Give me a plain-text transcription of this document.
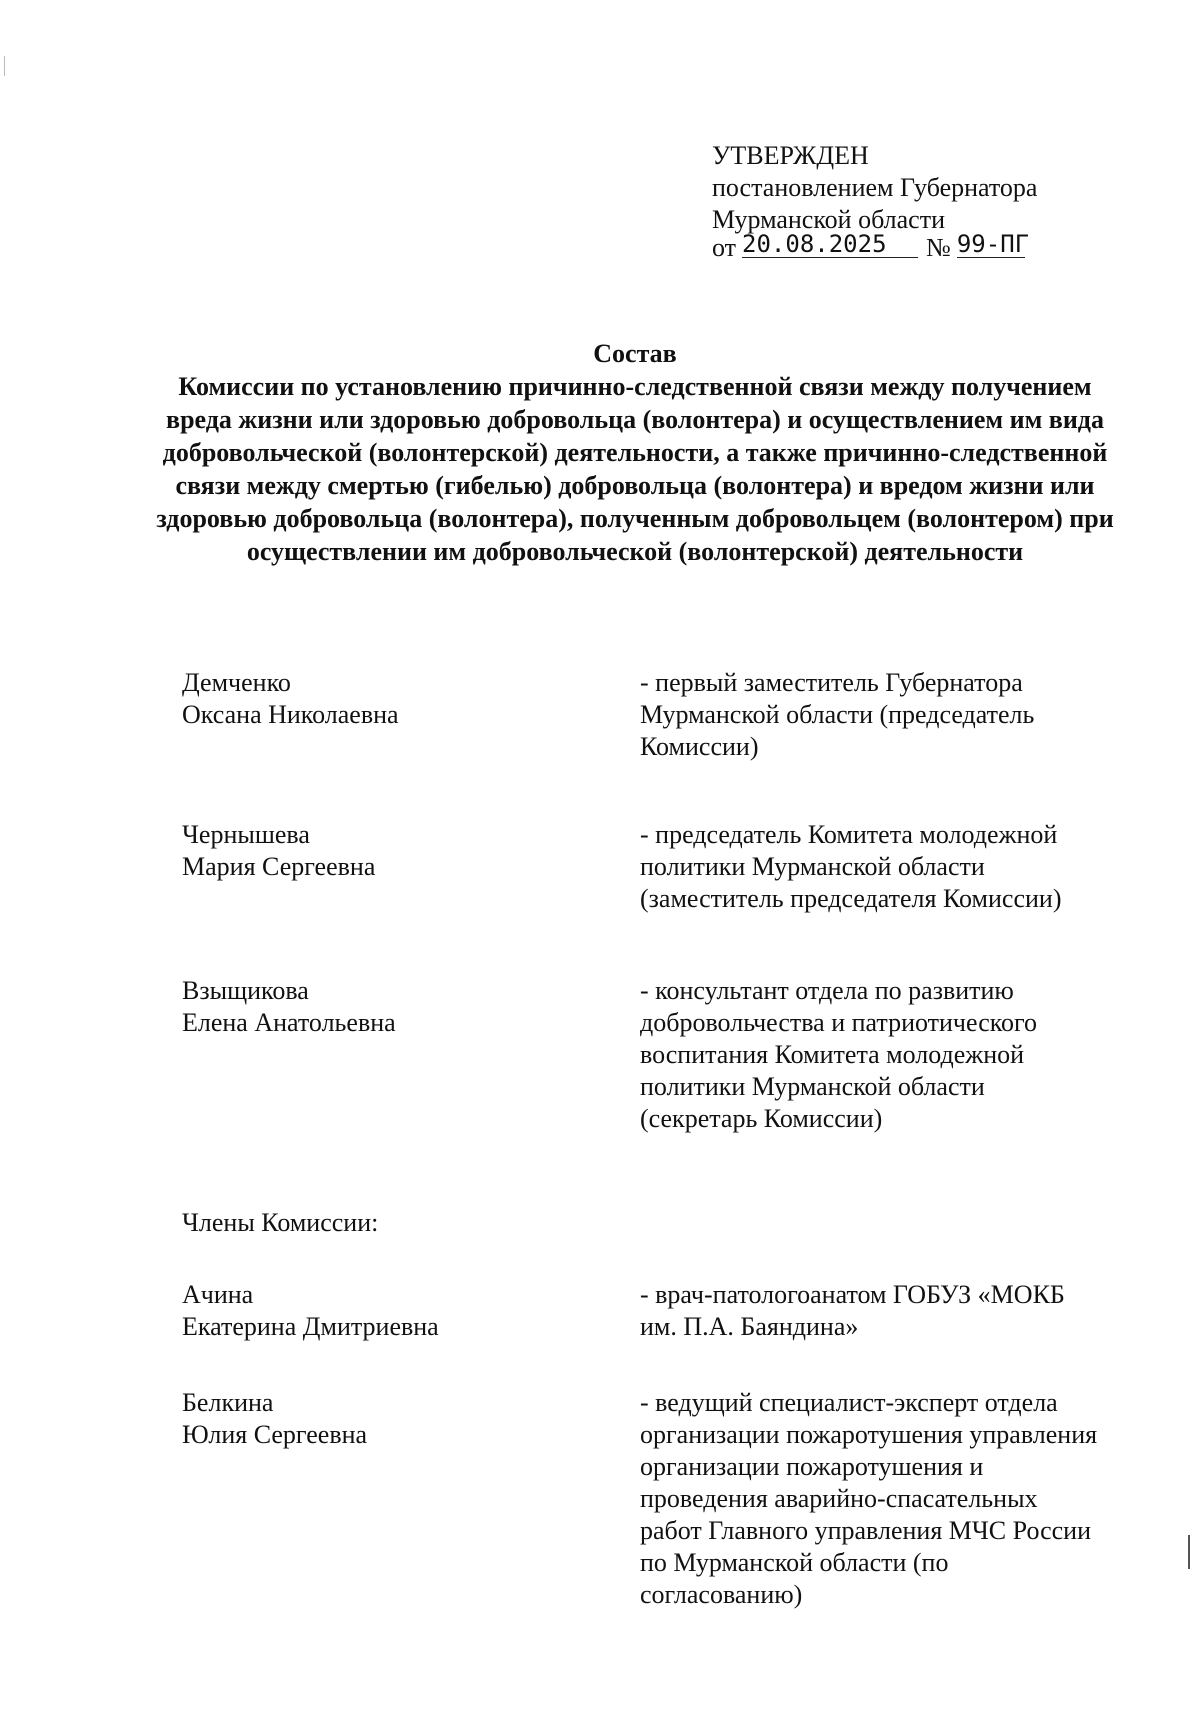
УТВЕРЖДЕН
постановлением Губернатора
Мурманской области
от 20.08.2025 № 99-ПГ
Состав
Комиссии по установлению причинно-следственной связи между получением вреда жизни или здоровью добровольца (волонтера) и осуществлением им вида добровольческой (волонтерской) деятельности, а также причинно-следственной связи между смертью (гибелью) добровольца (волонтера) и вредом жизни или здоровью добровольца (волонтера), полученным добровольцем (волонтером) при осуществлении им добровольческой (волонтерской) деятельности
Демченко
Оксана Николаевна
- первый заместитель Губернатора Мурманской области (председатель Комиссии)
Чернышева
Мария Сергеевна
- председатель Комитета молодежной политики Мурманской области (заместитель председателя Комиссии)
Взыщикова
Елена Анатольевна
- консультант отдела по развитию добровольчества и патриотического воспитания Комитета молодежной политики Мурманской области (секретарь Комиссии)
Члены Комиссии:
Ачина
Екатерина Дмитриевна
- врач-патологоанатом ГОБУЗ «МОКБ им. П.А. Баяндина»
Белкина
Юлия Сергеевна
- ведущий специалист-эксперт отдела организации пожаротушения управления организации пожаротушения и проведения аварийно-спасательных работ Главного управления МЧС России по Мурманской области (по согласованию)
